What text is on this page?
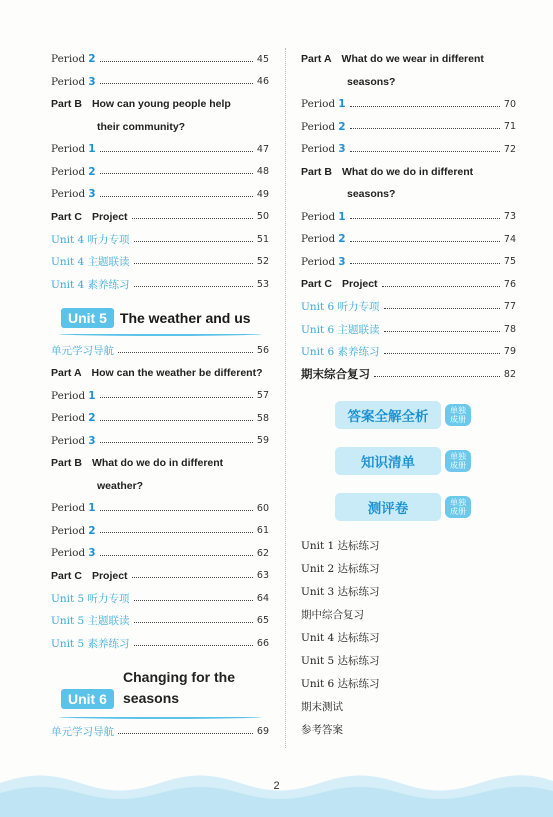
Period 2	45
Period 3	46
Part B How can young people help
their community?
Period 1	47
Period 2	48
Period 3	49
Part C Project	50
Unit 4 听力专项	51
Unit 4 主题联读	52
Unit 4 素养练习	53
Unit 5 The weather and us
单元学习导航	56
Part A How can the weather be different?
Period 1	57
Period 2	58
Period 3	59
Part B What do we do in different
weather?
Period 1	60
Period 2	61
Period 3	62
Part C Project	63
Unit 5 听力专项	64
Unit 5 主题联读	65
Unit 5 素养练习	66
Changing for the
seasons
Unit 6
单元学习导航	69
Part A What do we wear in different
seasons?
Period 1	70
Period 2	71
Period 3	72
Part B What do we do in different
seasons?
Period 1	73
Period 2	74
Period 3	75
Part C Project	76
Unit 6 听力专项	77
Unit 6 主题联读	78
Unit 6 素养练习	79
期末综合复习	82
答案全解全析	单独成册
知识清单	单独成册
测评卷	单独成册
Unit 1 达标练习
Unit 2 达标练习
Unit 3 达标练习
期中综合复习
Unit 4 达标练习
Unit 5 达标练习
Unit 6 达标练习
期末测试
参考答案
2
